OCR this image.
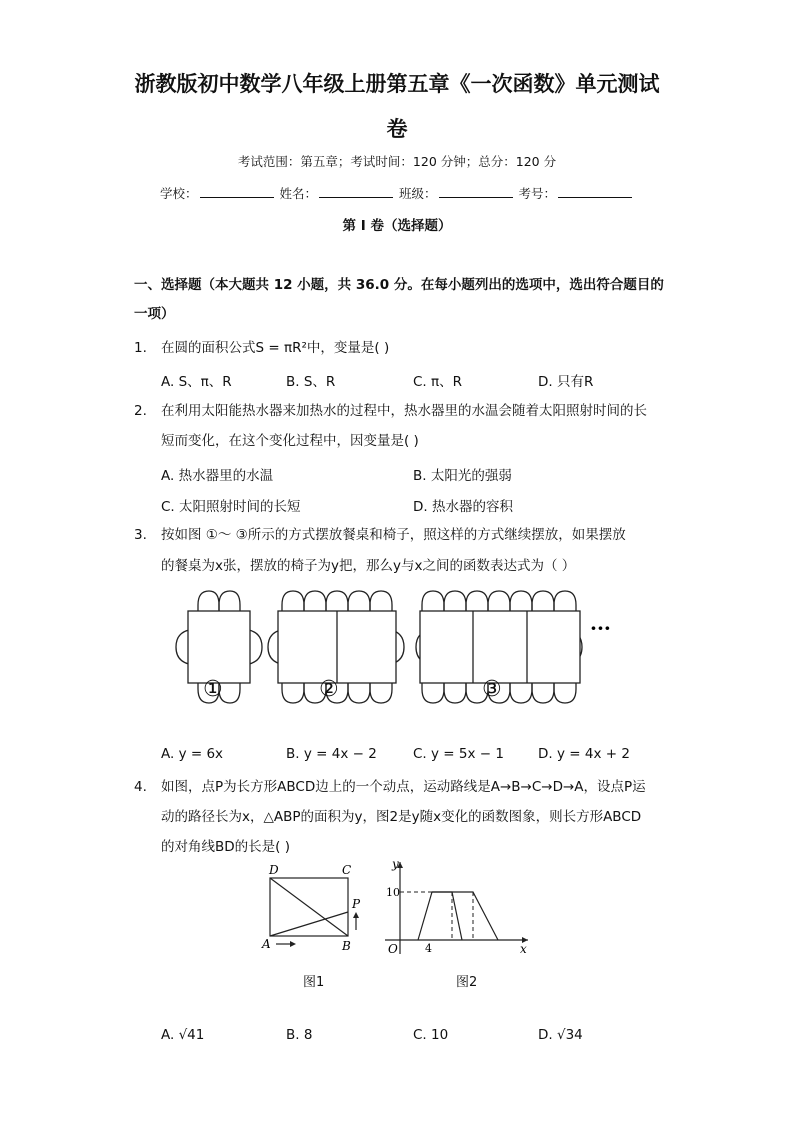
浙教版初中数学八年级上册第五章《一次函数》单元测试
卷
考试范围：第五章；考试时间：120 分钟；总分：120 分
学校：	姓名：	班级：	考号：
第 I 卷（选择题）
一、选择题（本大题共 12 小题，共 36.0 分。在每小题列出的选项中，选出符合题目的
一项）
1. 在圆的面积公式S = πR²中，变量是( )
A. S、π、R	B. S、R	C. π、R	D. 只有R
2. 在利用太阳能热水器来加热水的过程中，热水器里的水温会随着太阳照射时间的长
短而变化，在这个变化过程中，因变量是( )
A. 热水器里的水温	B. 太阳光的强弱
C. 太阳照射时间的长短	D. 热水器的容积
3. 按如图 ①～ ③所示的方式摆放餐桌和椅子，照这样的方式继续摆放，如果摆放
的餐桌为x张，摆放的椅子为y把，那么y与x之间的函数表达式为（ ）
···
①	②	③
A. y = 6x	B. y = 4x − 2	C. y = 5x − 1	D. y = 4x + 2
4. 如图，点P为长方形ABCD边上的一个动点，运动路线是A→B→C→D→A，设点P运
动的路径长为x，△ABP的面积为y，图2是y随x变化的函数图象，则长方形ABCD
的对角线BD的长是( )
D	C
A	B
P
y
x
O
10
4
图1	图2
A. √41	B. 8	C. 10	D. √34
